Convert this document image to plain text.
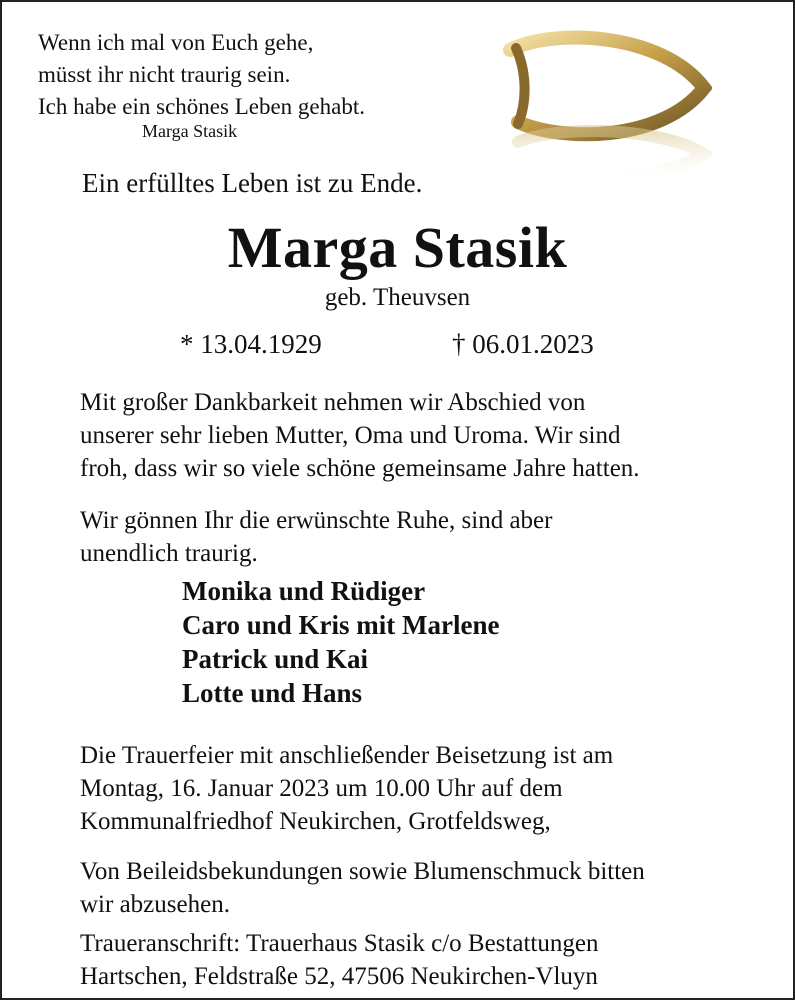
Wenn ich mal von Euch gehe,
müsst ihr nicht traurig sein.
Ich habe ein schönes Leben gehabt.
Marga Stasik
Ein erfülltes Leben ist zu Ende.
Marga Stasik
geb. Theuvsen
* 13.04.1929	† 06.01.2023
Mit großer Dankbarkeit nehmen wir Abschied von
unserer sehr lieben Mutter, Oma und Uroma. Wir sind
froh, dass wir so viele schöne gemeinsame Jahre hatten.
Wir gönnen Ihr die erwünschte Ruhe, sind aber
unendlich traurig.
Monika und Rüdiger
Caro und Kris mit Marlene
Patrick und Kai
Lotte und Hans
Die Trauerfeier mit anschließender Beisetzung ist am
Montag, 16. Januar 2023 um 10.00 Uhr auf dem
Kommunalfriedhof Neukirchen, Grotfeldsweg,
Von Beileidsbekundungen sowie Blumenschmuck bitten
wir abzusehen.
Traueranschrift: Trauerhaus Stasik c/o Bestattungen
Hartschen, Feldstraße 52, 47506 Neukirchen-Vluyn
